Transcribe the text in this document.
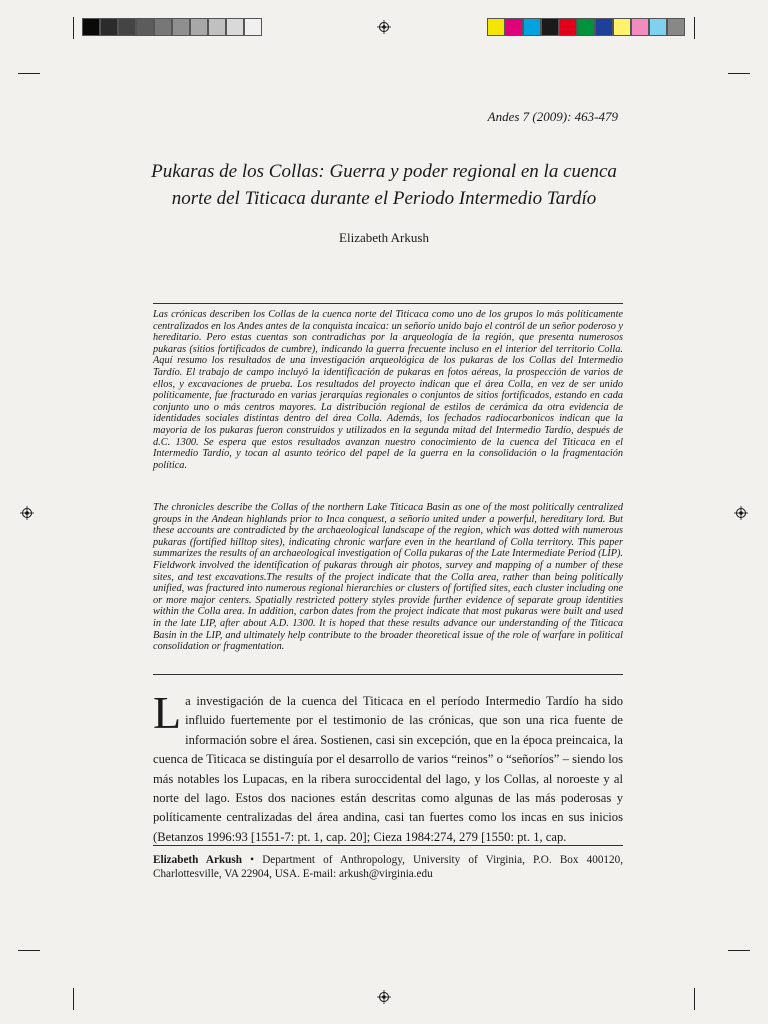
Andes 7 (2009): 463-479
Pukaras de los Collas: Guerra y poder regional en la cuenca
norte del Titicaca durante el Periodo Intermedio Tardío
Elizabeth Arkush

Las crónicas describen los Collas de la cuenca norte del Titicaca como uno de los grupos lo más políticamente centralizados en los Andes antes de la conquista incaica: un señorío unido bajo el contról de un señor poderoso y hereditario. Pero estas cuentas son contradichas por la arqueología de la región, que presenta numerosos pukaras (sitios fortificados de cumbre), indicando la guerra frecuente incluso en el interior del territorio Colla. Aquí resumo los resultados de una investigación arqueológica de los pukaras de los Collas del Intermedio Tardío. El trabajo de campo incluyó la identificación de pukaras en fotos aéreas, la prospección de varios de ellos, y excavaciones de prueba. Los resultados del proyecto indican que el área Colla, en vez de ser unido políticamente, fue fracturado en varias jerarquías regionales o conjuntos de sitios fortificados, estando en cada conjunto uno o más centros mayores. La distribución regional de estilos de cerámica da otra evidencia de identidades sociales distintas dentro del área Colla. Además, los fechados radiocarbonicos indican que la mayoria de los pukaras fueron construidos y utilizados en la segunda mitad del Intermedio Tardío, después de d.C. 1300. Se espera que estos resultados avanzan nuestro conocimiento de la cuenca del Titicaca en el Intermedio Tardío, y tocan al asunto teórico del papel de la guerra en la consolidación o la fragmentación política.

The chronicles describe the Collas of the northern Lake Titicaca Basin as one of the most politically centralized groups in the Andean highlands prior to Inca conquest, a señorío united under a powerful, hereditary lord. But these accounts are contradicted by the archaeological landscape of the region, which was dotted with numerous pukaras (fortified hilltop sites), indicating chronic warfare even in the heartland of Colla territory. This paper summarizes the results of an archaeological investigation of Colla pukaras of the Late Intermediate Period (LIP). Fieldwork involved the identification of pukaras through air photos, survey and mapping of a number of these sites, and test excavations.The results of the project indicate that the Colla area, rather than being politically unified, was fractured into numerous regional hierarchies or clusters of fortified sites, each cluster including one or more major centers. Spatially restricted pottery styles provide further evidence of separate group identities within the Colla area. In addition, carbon dates from the project indicate that most pukaras were built and used in the late LIP, after about A.D. 1300. It is hoped that these results advance our understanding of the Titicaca Basin in the LIP, and ultimately help contribute to the broader theoretical issue of the role of warfare in political consolidation or fragmentation.

La investigación de la cuenca del Titicaca en el período Intermedio Tardío ha sido influido fuertemente por el testimonio de las crónicas, que son una rica fuente de información sobre el área. Sostienen, casi sin excepción, que en la época preincaica, la cuenca de Titicaca se distinguía por el desarrollo de varios “reinos” o “señoríos” – siendo los más notables los Lupacas, en la ribera suroccidental del lago, y los Collas, al noroeste y al norte del lago. Estos dos naciones están descritas como algunas de las más poderosas y políticamente centralizadas del área andina, casi tan fuertes como los incas en sus inicios (Betanzos 1996:93 [1551-7: pt. 1, cap. 20]; Cieza 1984:274, 279 [1550: pt. 1, cap.

Elizabeth Arkush • Department of Anthropology, University of Virginia, P.O. Box 400120, Charlottesville, VA 22904, USA. E-mail: arkush@virginia.edu
